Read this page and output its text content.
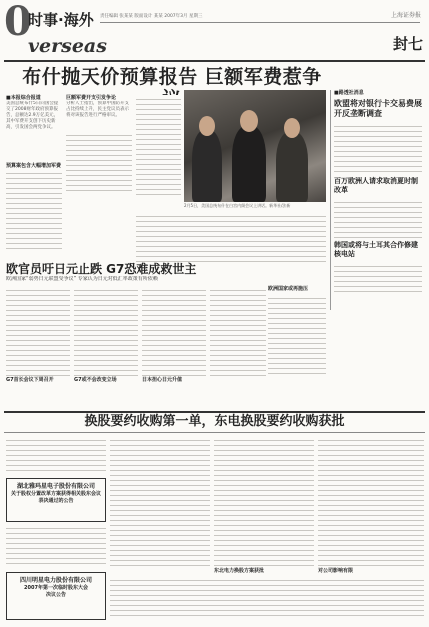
0
时事·海外
verseas
责任编辑 张某某 版面设计 某某 2007年3月 星期三	上海证券报
封七
布什抛天价预算报告 巨额军费惹争
■本报综合报道
美国总统布什5日向国会提交了2008财年政府预算报告，总额达2.9万亿美元，其中军费开支创下历史新高，引发国会两党争议。
预算案包含大幅增加军费
巨额军费开支引发争论
分析人士指出，预算中国防开支占比持续上升，民主党议员表示将对该报告进行严格审议。
2月5日，美国总统布什在白宫内阁会议上讲话。新华社/法新
■路透社消息
欧盟将对银行卡交易费展开反垄断调查
百万欧洲人请求取消夏时制改革
韩国或将与土耳其合作修建核电站
欧官员吁日元止跌 G7恐难成救世主
欧洲国家“弱势日元联盟受争议” 专家认为日元对低汇率政策有所依赖
欧洲国家或再施压
G7首长会议下周召开	G7或不会改变立场	日本担心日元升值
换股要约收购第一单，东电换股要约收购获批
东北电力换股方案获批	对公司影响有限
湖北雅玛星电子股份有限公司
关于股权分置改革方案获得相关股东会议表决通过的公告
四川明星电力股份有限公司
2007年第一次临时股东大会
决议公告
